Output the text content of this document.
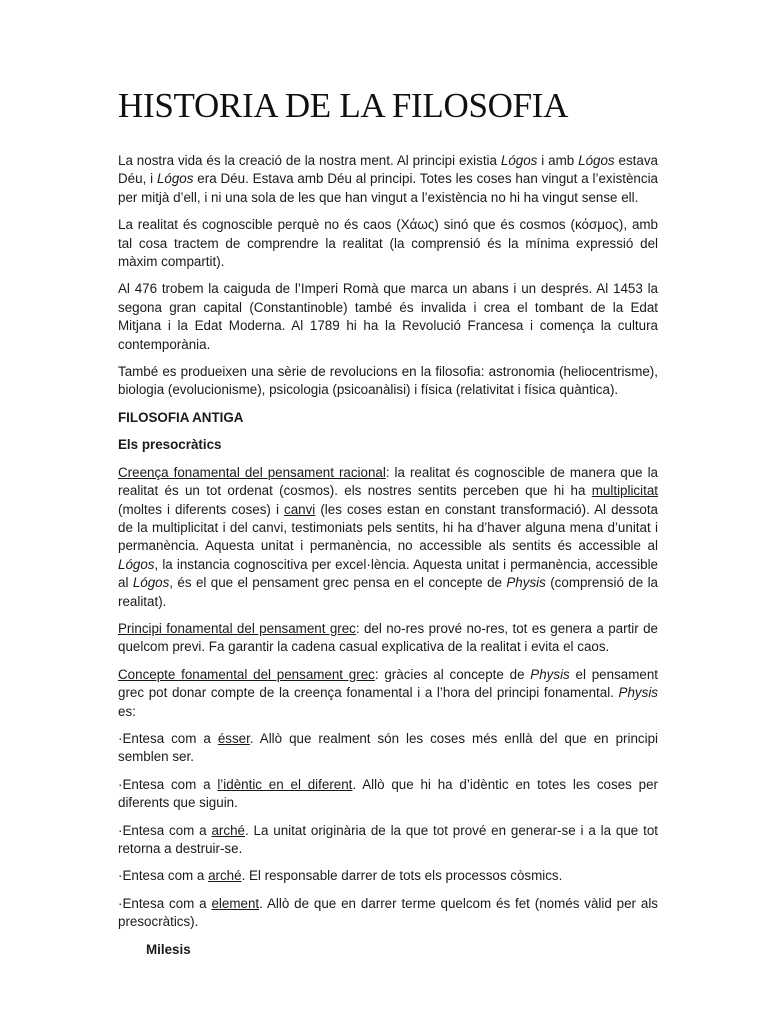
HISTORIA DE LA FILOSOFIA

La nostra vida és la creació de la nostra ment. Al principi existia Lógos i amb Lógos estava Déu, i Lógos era Déu. Estava amb Déu al principi. Totes les coses han vingut a l’existència per mitjà d’ell, i ni una sola de les que han vingut a l’existència no hi ha vingut sense ell.

La realitat és cognoscible perquè no és caos (Χάως) sinó que és cosmos (κόσμος), amb tal cosa tractem de comprendre la realitat (la comprensió és la mínima expressió del màxim compartit).

Al 476 trobem la caiguda de l’Imperi Romà que marca un abans i un després. Al 1453 la segona gran capital (Constantinoble) també és invalida i crea el tombant de la Edat Mitjana i la Edat Moderna. Al 1789 hi ha la Revolució Francesa i comença la cultura contemporània.

També es produeixen una sèrie de revolucions en la filosofia: astronomia (heliocentrisme), biologia (evolucionisme), psicologia (psicoanàlisi) i física (relativitat i física quàntica).

FILOSOFIA ANTIGA

Els presocràtics

Creença fonamental del pensament racional: la realitat és cognoscible de manera que la realitat és un tot ordenat (cosmos). els nostres sentits perceben que hi ha multiplicitat (moltes i diferents coses) i canvi (les coses estan en constant transformació). Al dessota de la multiplicitat i del canvi, testimoniats pels sentits, hi ha d’haver alguna mena d’unitat i permanència. Aquesta unitat i permanència, no accessible als sentits és accessible al Lógos, la instancia cognoscitiva per excel·lència. Aquesta unitat i permanència, accessible al Lógos, és el que el pensament grec pensa en el concepte de Physis (comprensió de la realitat).

Principi fonamental del pensament grec: del no-res prové no-res, tot es genera a partir de quelcom previ. Fa garantir la cadena casual explicativa de la realitat i evita el caos.

Concepte fonamental del pensament grec: gràcies al concepte de Physis el pensament grec pot donar compte de la creença fonamental i a l’hora del principi fonamental. Physis es:

·Entesa com a ésser. Allò que realment són les coses més enllà del que en principi semblen ser.

·Entesa com a l’idèntic en el diferent. Allò que hi ha d’idèntic en totes les coses per diferents que siguin.

·Entesa com a arché. La unitat originària de la que tot prové en generar-se i a la que tot retorna a destruir-se.

·Entesa com a arché. El responsable darrer de tots els processos còsmics.

·Entesa com a element. Allò de que en darrer terme quelcom és fet (només vàlid per als presocràtics).

Milesis
